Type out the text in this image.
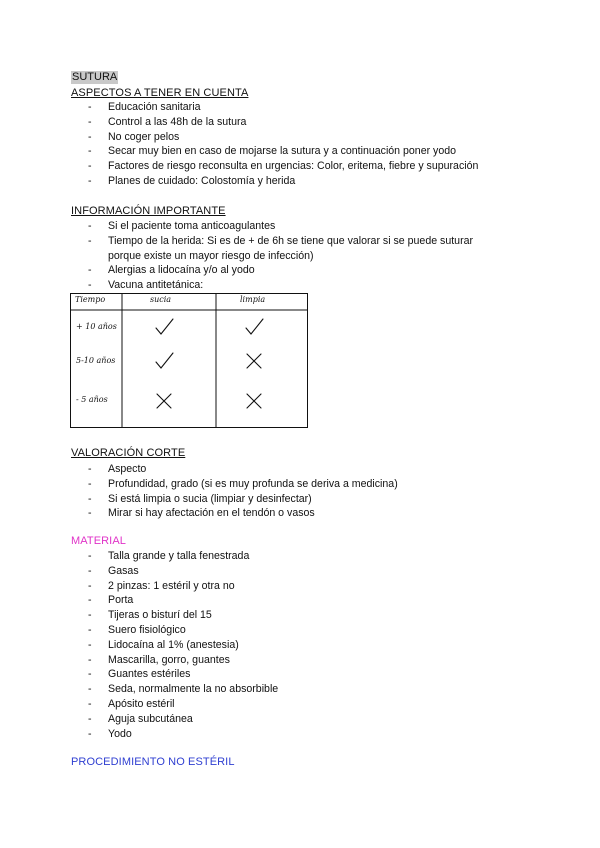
SUTURA
ASPECTOS A TENER EN CUENTA
- Educación sanitaria
- Control a las 48h de la sutura
- No coger pelos
- Secar muy bien en caso de mojarse la sutura y a continuación poner yodo
- Factores de riesgo reconsulta en urgencias: Color, eritema, fiebre y supuración
- Planes de cuidado: Colostomía y herida
INFORMACIÓN IMPORTANTE
- Si el paciente toma anticoagulantes
- Tiempo de la herida: Si es de + de 6h se tiene que valorar si se puede suturar
porque existe un mayor riesgo de infección)
- Alergias a lidocaína y/o al yodo
- Vacuna antitetánica:
Tiempo	sucia	limpia
+ 10 años
5-10 años
- 5 años
VALORACIÓN CORTE
- Aspecto
- Profundidad, grado (si es muy profunda se deriva a medicina)
- Si está limpia o sucia (limpiar y desinfectar)
- Mirar si hay afectación en el tendón o vasos
MATERIAL
- Talla grande y talla fenestrada
- Gasas
- 2 pinzas: 1 estéril y otra no
- Porta
- Tijeras o bisturí del 15
- Suero fisiológico
- Lidocaína al 1% (anestesia)
- Mascarilla, gorro, guantes
- Guantes estériles
- Seda, normalmente la no absorbible
- Apósito estéril
- Aguja subcutánea
- Yodo
PROCEDIMIENTO NO ESTÉRIL
